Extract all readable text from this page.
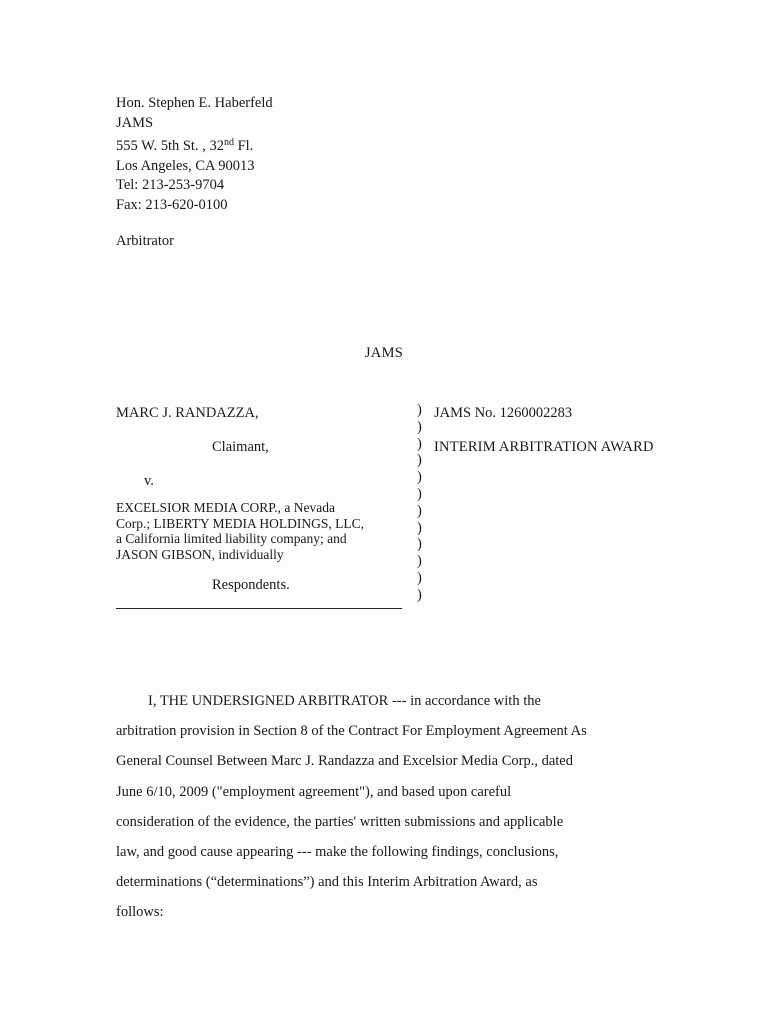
Hon. Stephen E. Haberfeld
JAMS
555 W. 5th St. , 32nd Fl.
Los Angeles, CA 90013
Tel: 213-253-9704
Fax: 213-620-0100
Arbitrator
JAMS
MARC J. RANDAZZA,
Claimant,
v.
EXCELSIOR MEDIA CORP., a Nevada
Corp.; LIBERTY MEDIA HOLDINGS, LLC,
a California limited liability company; and
JASON GIBSON, individually
Respondents.
)
)
)
)
)
)
)
)
)
)
)
)
JAMS No. 1260002283
INTERIM ARBITRATION AWARD
I, THE UNDERSIGNED ARBITRATOR --- in accordance with the
arbitration provision in Section 8 of the Contract For Employment Agreement As
General Counsel Between Marc J. Randazza and Excelsior Media Corp., dated
June 6/10, 2009 ("employment agreement"), and based upon careful
consideration of the evidence, the parties' written submissions and applicable
law, and good cause appearing --- make the following findings, conclusions,
determinations (“determinations”) and this Interim Arbitration Award, as
follows:
